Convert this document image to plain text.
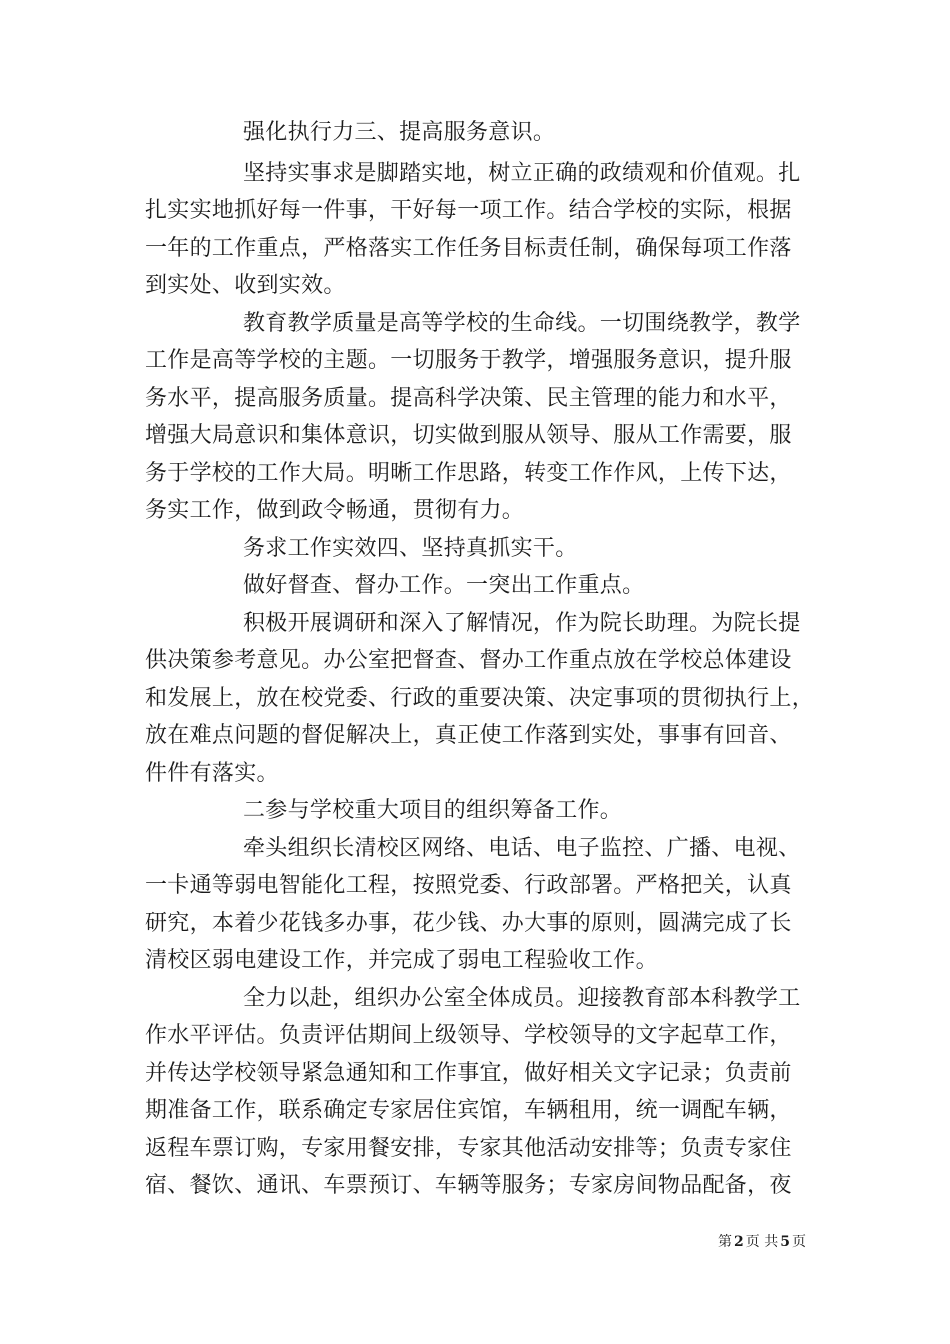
强化执行力三、提高服务意识。
坚持实事求是脚踏实地，树立正确的政绩观和价值观。扎
扎实实地抓好每一件事，干好每一项工作。结合学校的实际，根据
一年的工作重点，严格落实工作任务目标责任制，确保每项工作落
到实处、收到实效。
教育教学质量是高等学校的生命线。一切围绕教学，教学
工作是高等学校的主题。一切服务于教学，增强服务意识，提升服
务水平，提高服务质量。提高科学决策、民主管理的能力和水平，
增强大局意识和集体意识，切实做到服从领导、服从工作需要，服
务于学校的工作大局。明晰工作思路，转变工作作风，上传下达，
务实工作，做到政令畅通，贯彻有力。
务求工作实效四、坚持真抓实干。
做好督查、督办工作。一突出工作重点。
积极开展调研和深入了解情况，作为院长助理。为院长提
供决策参考意见。办公室把督查、督办工作重点放在学校总体建设
和发展上，放在校党委、行政的重要决策、决定事项的贯彻执行上，
放在难点问题的督促解决上，真正使工作落到实处，事事有回音、
件件有落实。
二参与学校重大项目的组织筹备工作。
牵头组织长清校区网络、电话、电子监控、广播、电视、
一卡通等弱电智能化工程，按照党委、行政部署。严格把关，认真
研究，本着少花钱多办事，花少钱、办大事的原则，圆满完成了长
清校区弱电建设工作，并完成了弱电工程验收工作。
全力以赴，组织办公室全体成员。迎接教育部本科教学工
作水平评估。负责评估期间上级领导、学校领导的文字起草工作，
并传达学校领导紧急通知和工作事宜，做好相关文字记录；负责前
期准备工作，联系确定专家居住宾馆，车辆租用，统一调配车辆，
返程车票订购，专家用餐安排，专家其他活动安排等；负责专家住
宿、餐饮、通讯、车票预订、车辆等服务；专家房间物品配备，夜
第 2 页 共 5 页
